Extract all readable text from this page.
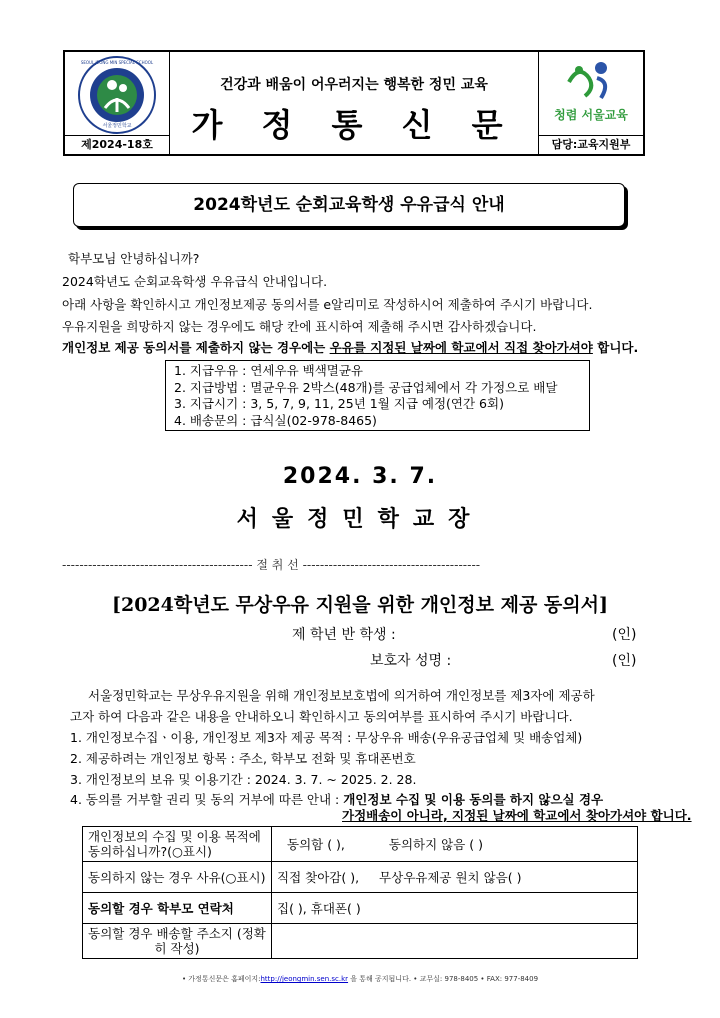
SEOUL JEONG MIN SPECIAL SCHOOL
서울정민학교
제2024-18호
건강과 배움이 어우러지는 행복한 정민 교육
가 정 통 신 문	청렴 서울교육
담당:교육지원부
2024학년도 순회교육학생 우유급식 안내
학부모님 안녕하십니까?
2024학년도 순회교육학생 우유급식 안내입니다.
아래 사항을 확인하시고 개인정보제공 동의서를 e알리미로 작성하시어 제출하여 주시기 바랍니다.
우유지원을 희망하지 않는 경우에도 해당 칸에 표시하여 제출해 주시면 감사하겠습니다.
개인정보 제공 동의서를 제출하지 않는 경우에는 우유를 지정된 날짜에 학교에서 직접 찾아가셔야 합니다.
1. 지급우유 : 연세우유 백색멸균유
2. 지급방법 : 멸균우유 2박스(48개)를 공급업체에서 각 가정으로 배달
3. 지급시기 : 3, 5, 7, 9, 11, 25년 1월 지급 예정(연간 6회)
4. 배송문의 : 급식실(02-978-8465)
2024. 3. 7.
서울정민학교장
-------------------------------------------- 절 취 선 -----------------------------------------
[2024학년도 무상우유 지원을 위한 개인정보 제공 동의서]
제 학년 반 학생 :	(인)
보호자 성명 :	(인)
서울정민학교는 무상우유지원을 위해 개인정보보호법에 의거하여 개인정보를 제3자에 제공하
고자 하여 다음과 같은 내용을 안내하오니 확인하시고 동의여부를 표시하여 주시기 바랍니다.
1. 개인정보수집ㆍ이용, 개인정보 제3자 제공 목적 : 무상우유 배송(우유공급업체 및 배송업체)
2. 제공하려는 개인정보 항목 : 주소, 학부모 전화 및 휴대폰번호
3. 개인정보의 보유 및 이용기간 : 2024. 3. 7. ~ 2025. 2. 28.
4. 동의를 거부할 권리 및 동의 거부에 따른 안내 : 개인정보 수집 및 이용 동의를 하지 않으실 경우
가정배송이 아니라, 지정된 날짜에 학교에서 찾아가셔야 합니다.
개인정보의 수집 및 이용 목적에 동의하십니까?(○표시)	동의함 ( ), 동의하지 않음 ( )
동의하지 않는 경우 사유(○표시)	직접 찾아감( ), 무상우유제공 원치 않음( )
동의할 경우 학부모 연락처	집( ), 휴대폰( )
동의할 경우 배송할 주소지 (정확히 작성)	
• 가정통신문은 홈페이지:http://jeongmin.sen.sc.kr 을 통해 공지됩니다. • 교무실: 978-8405 • FAX: 977-8409
